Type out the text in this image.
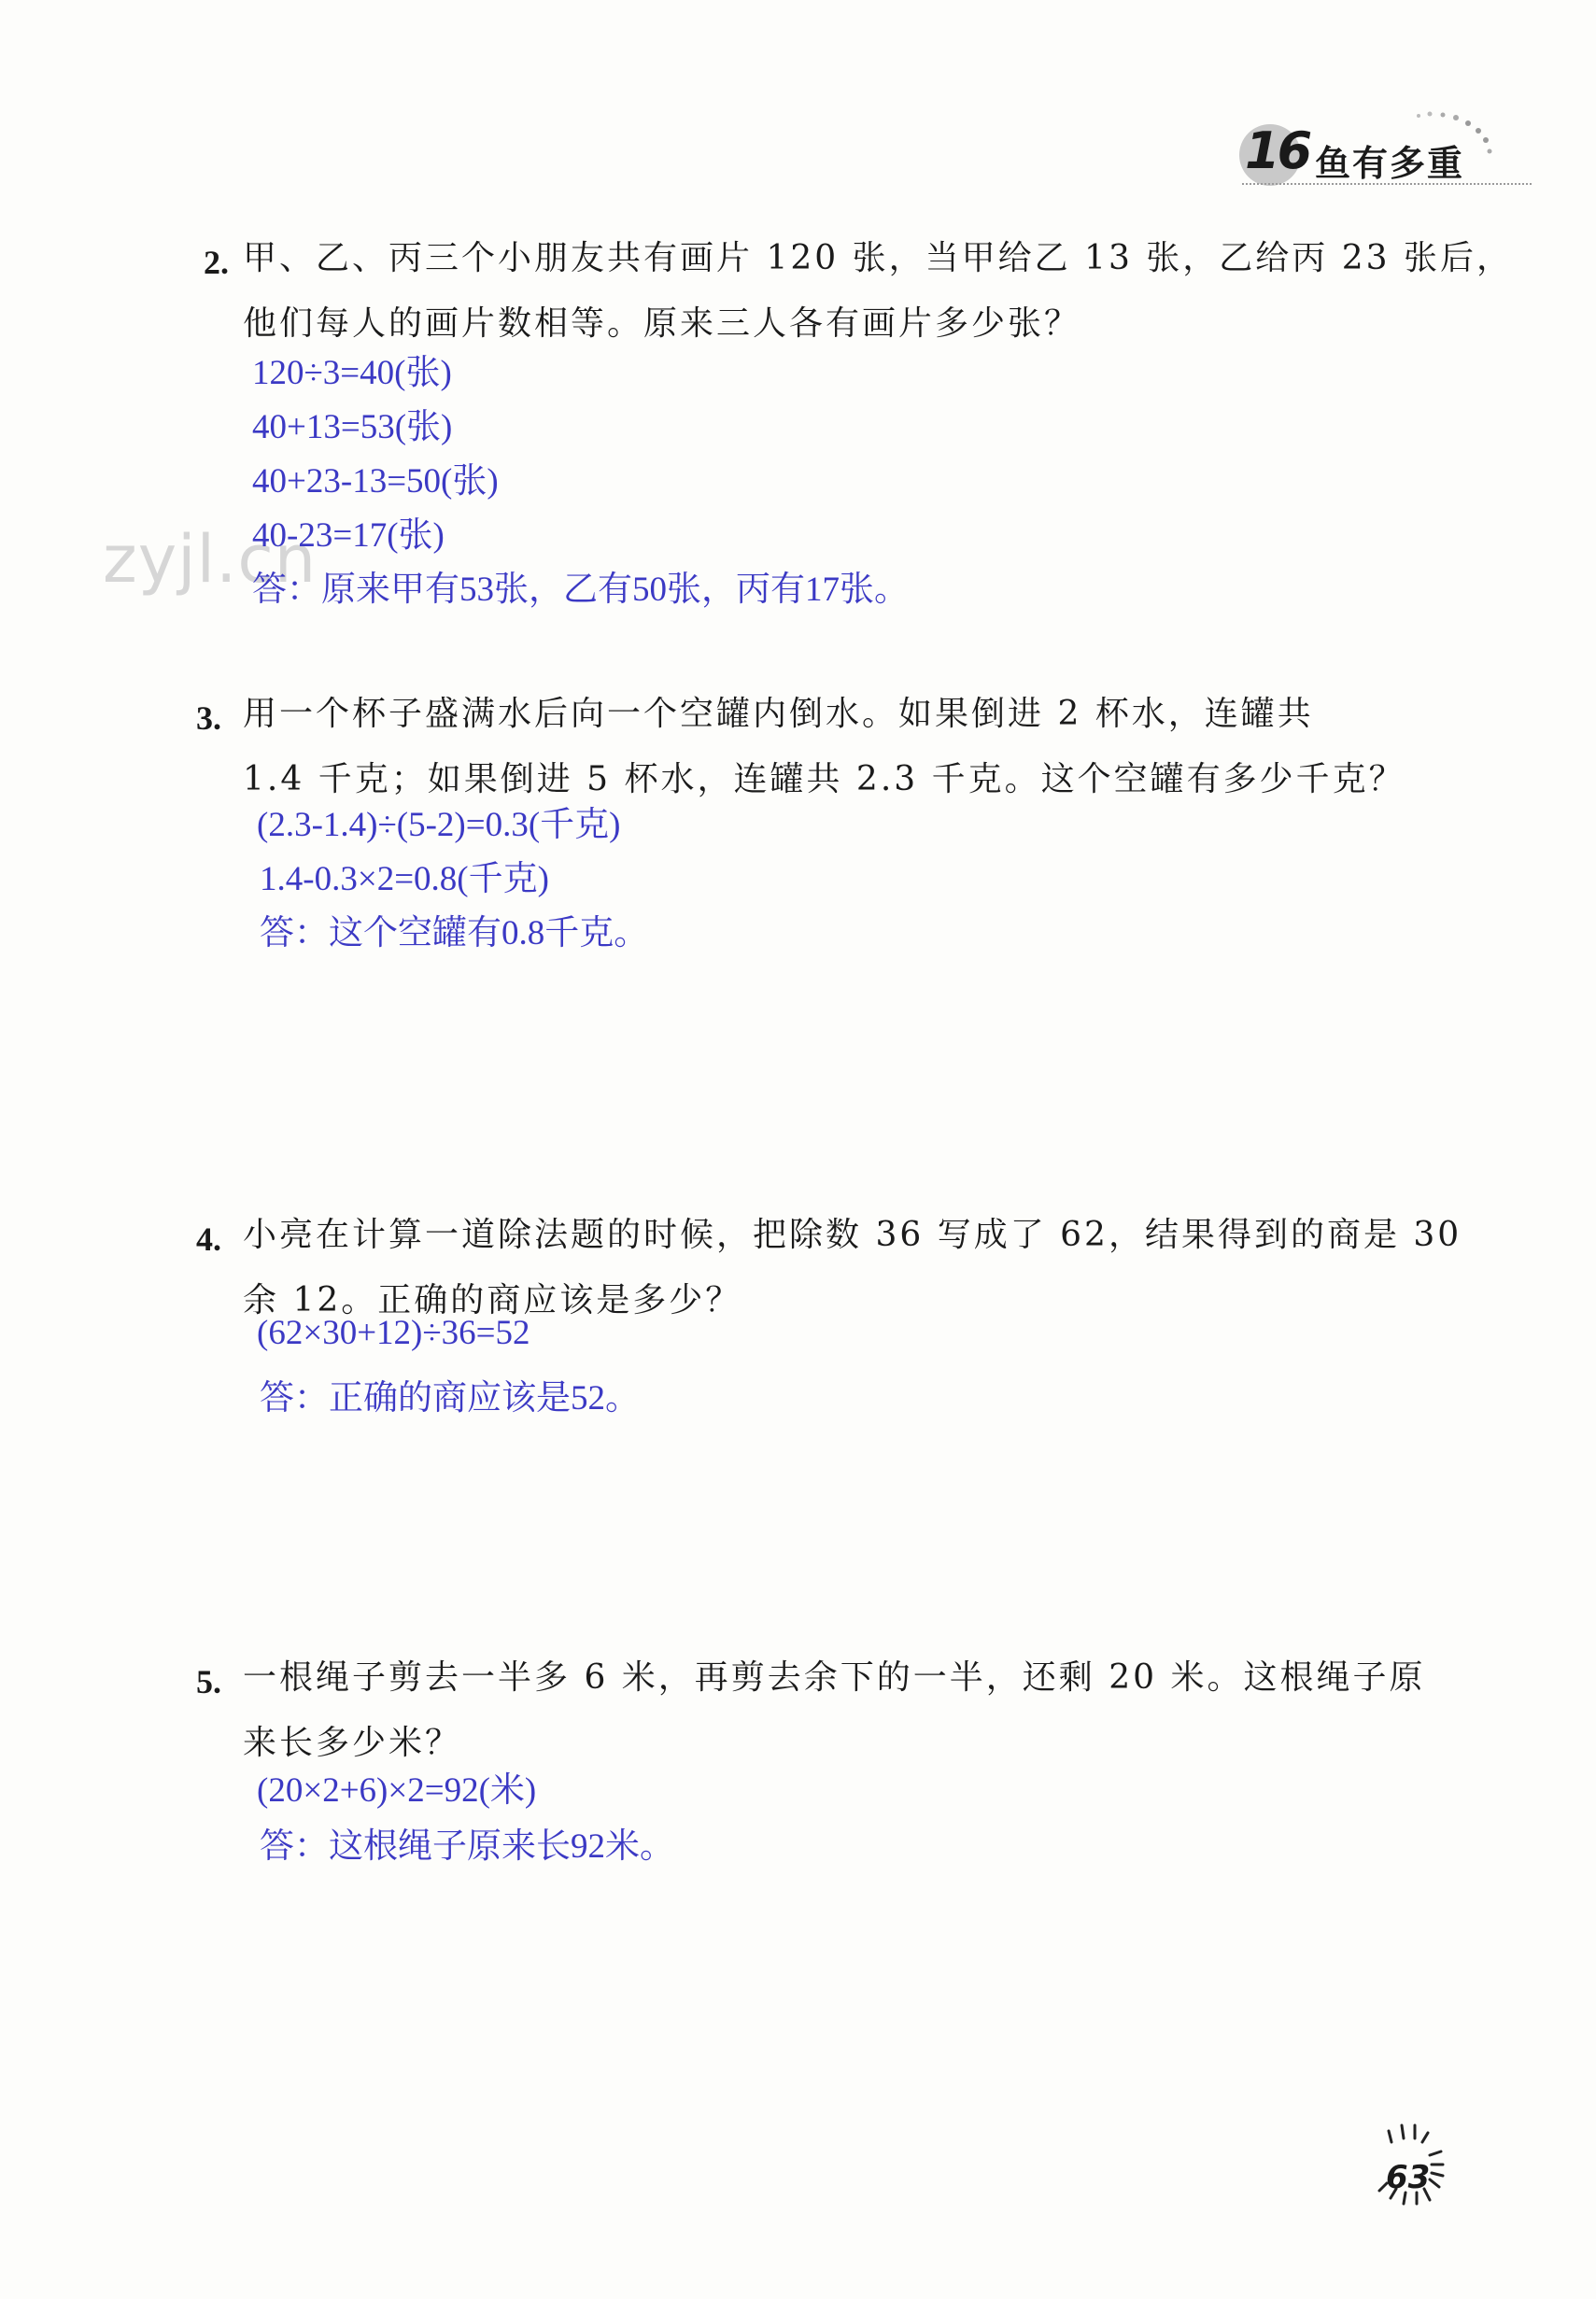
16 鱼有多重
zyjl.cn
2. 甲、乙、丙三个小朋友共有画片 120 张，当甲给乙 13 张，乙给丙 23 张后，
他们每人的画片数相等。原来三人各有画片多少张？
120÷3=40(张)
40+13=53(张)
40+23-13=50(张)
40-23=17(张)
答：原来甲有53张，乙有50张，丙有17张。
3. 用一个杯子盛满水后向一个空罐内倒水。如果倒进 2 杯水，连罐共
1.4 千克；如果倒进 5 杯水，连罐共 2.3 千克。这个空罐有多少千克？
(2.3-1.4)÷(5-2)=0.3(千克)
1.4-0.3×2=0.8(千克)
答：这个空罐有0.8千克。
4. 小亮在计算一道除法题的时候，把除数 36 写成了 62，结果得到的商是 30
余 12。正确的商应该是多少？
(62×30+12)÷36=52
答：正确的商应该是52。
5. 一根绳子剪去一半多 6 米，再剪去余下的一半，还剩 20 米。这根绳子原
来长多少米？
(20×2+6)×2=92(米)
答：这根绳子原来长92米。
63
